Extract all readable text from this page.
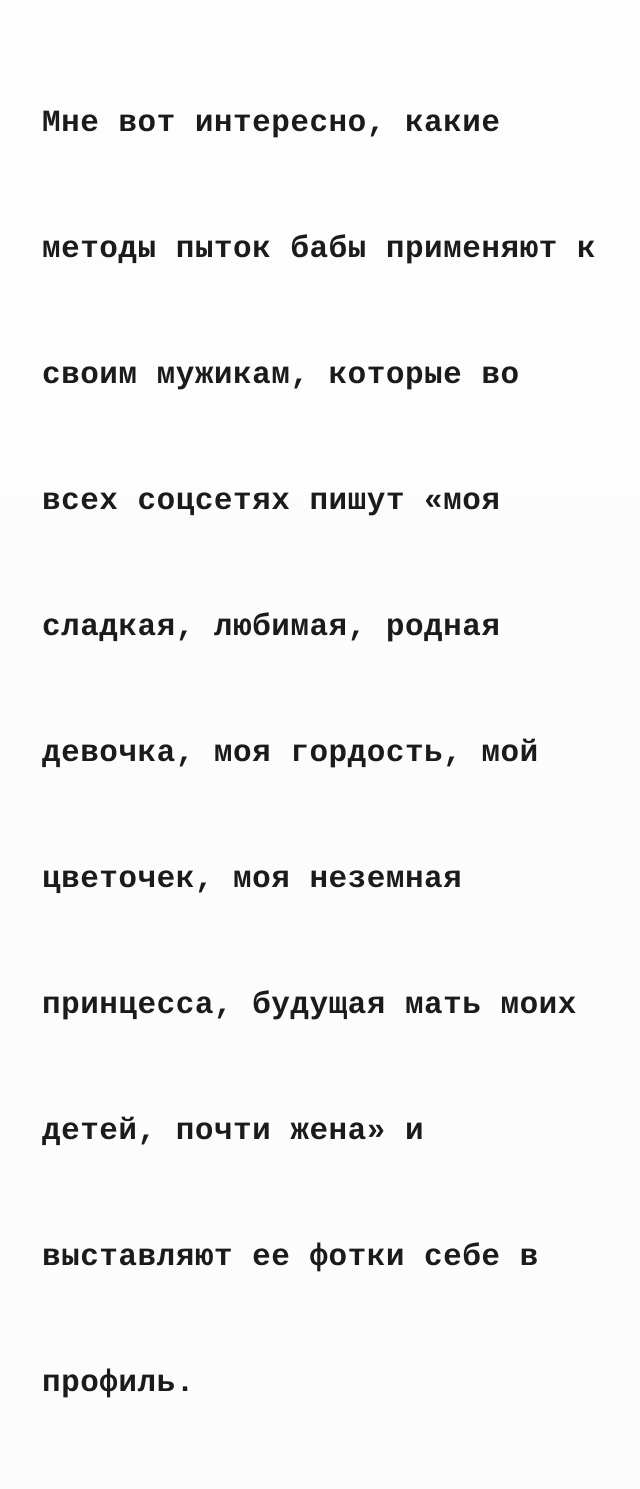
Мне вот интересно, какие

методы пыток бабы применяют к

своим мужикам, которые во

всех соцсетях пишут «моя

сладкая, любимая, родная

девочка, моя гордость, мой

цветочек, моя неземная

принцесса, будущая мать моих

детей, почти жена» и

выставляют ее фотки себе в

профиль.
